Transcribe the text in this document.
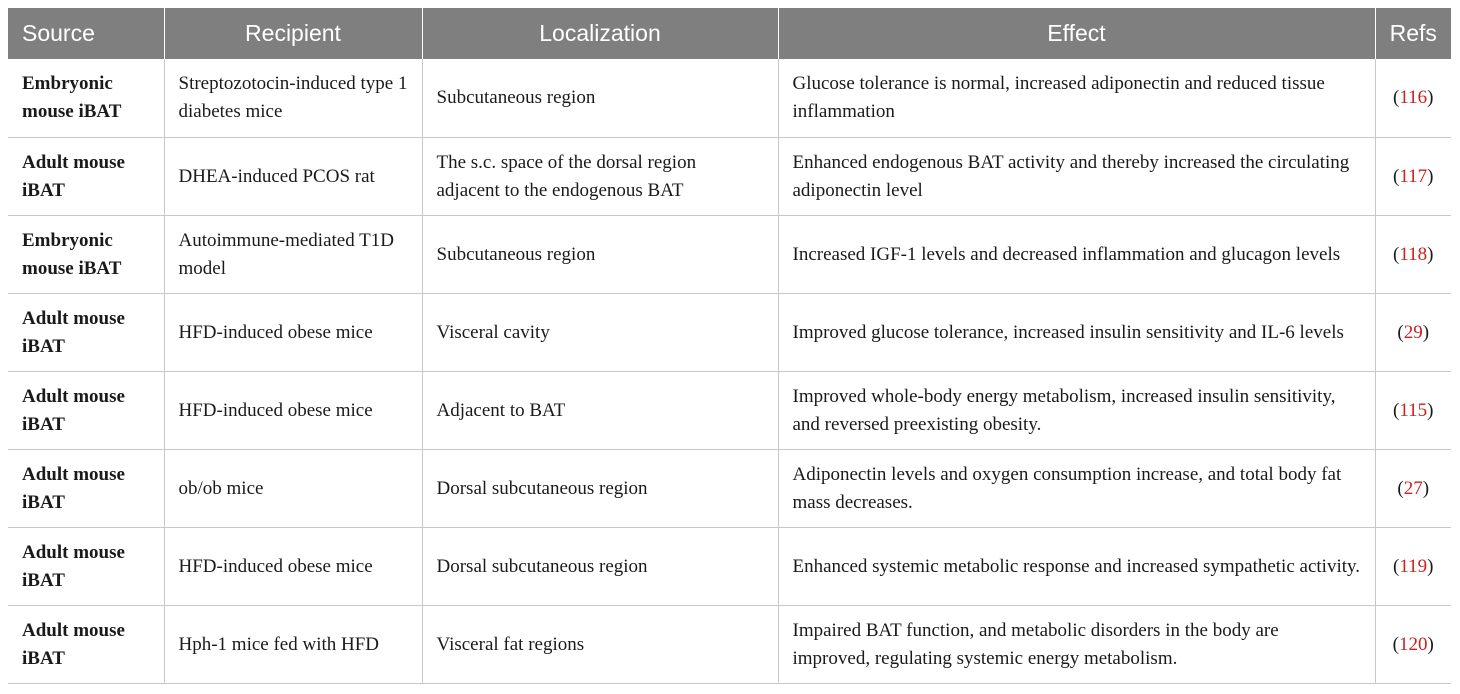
Source	Recipient	Localization	Effect	Refs
Embryonic mouse iBAT	Streptozotocin-induced type 1 diabetes mice	Subcutaneous region	Glucose tolerance is normal, increased adiponectin and reduced tissue inflammation	(116)
Adult mouse iBAT	DHEA-induced PCOS rat	The s.c. space of the dorsal region adjacent to the endogenous BAT	Enhanced endogenous BAT activity and thereby increased the circulating adiponectin level	(117)
Embryonic mouse iBAT	Autoimmune-mediated T1D model	Subcutaneous region	Increased IGF-1 levels and decreased inflammation and glucagon levels	(118)
Adult mouse iBAT	HFD-induced obese mice	Visceral cavity	Improved glucose tolerance, increased insulin sensitivity and IL-6 levels	(29)
Adult mouse iBAT	HFD-induced obese mice	Adjacent to BAT	Improved whole-body energy metabolism, increased insulin sensitivity, and reversed preexisting obesity.	(115)
Adult mouse iBAT	ob/ob mice	Dorsal subcutaneous region	Adiponectin levels and oxygen consumption increase, and total body fat mass decreases.	(27)
Adult mouse iBAT	HFD-induced obese mice	Dorsal subcutaneous region	Enhanced systemic metabolic response and increased sympathetic activity.	(119)
Adult mouse iBAT	Hph-1 mice fed with HFD	Visceral fat regions	Impaired BAT function, and metabolic disorders in the body are improved, regulating systemic energy metabolism.	(120)
